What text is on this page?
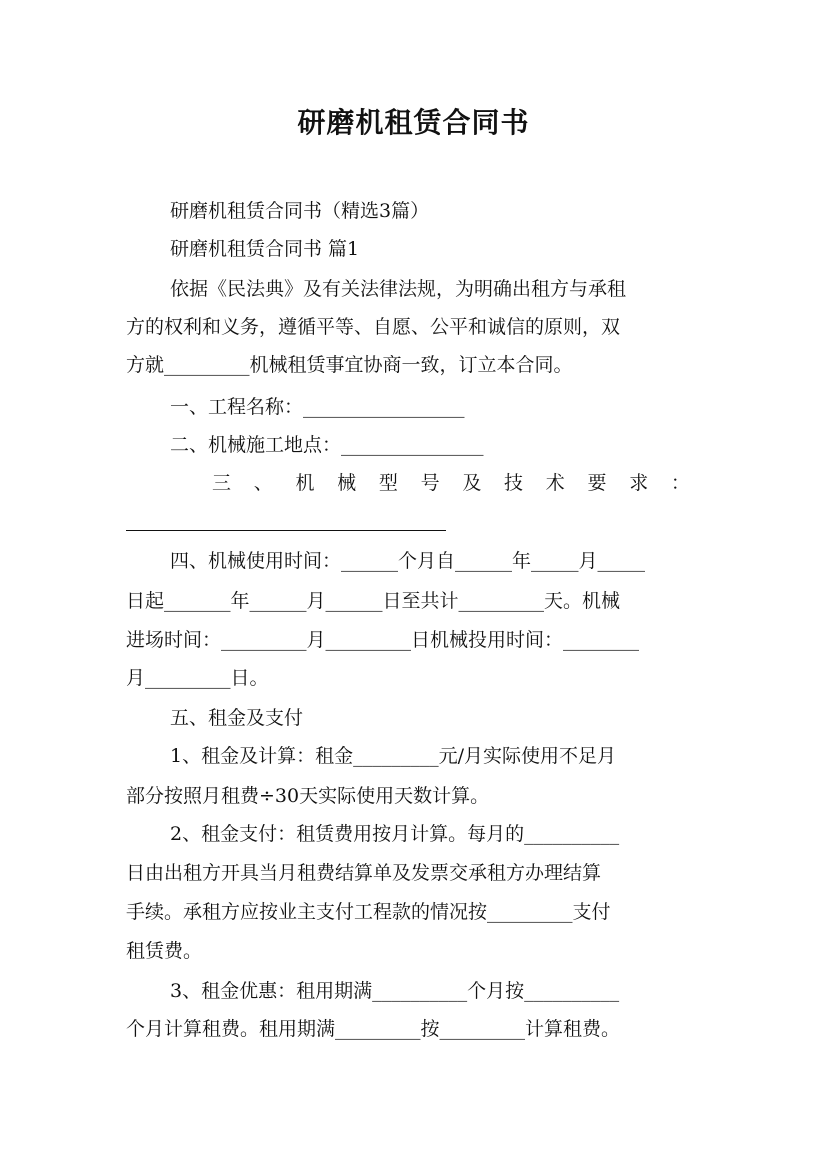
研磨机租赁合同书
研磨机租赁合同书（精选3篇）
研磨机租赁合同书 篇1
依据《民法典》及有关法律法规，为明确出租方与承租
方的权利和义务，遵循平等、自愿、公平和诚信的原则，双
方就_________机械租赁事宜协商一致，订立本合同。
一、工程名称：_________________
二、机械施工地点：_______________
三 、 机 械 型 号 及 技 术 要 求 ：
四、机械使用时间：______个月自______年_____月_____
日起_______年______月______日至共计_________天。机械
进场时间：_________月_________日机械投用时间：________
月_________日。
五、租金及支付
1、租金及计算：租金_________元/月实际使用不足月
部分按照月租费÷30天实际使用天数计算。
2、租金支付：租赁费用按月计算。每月的__________
日由出租方开具当月租费结算单及发票交承租方办理结算
手续。承租方应按业主支付工程款的情况按_________支付
租赁费。
3、租金优惠：租用期满__________个月按__________
个月计算租费。租用期满_________按_________计算租费。
